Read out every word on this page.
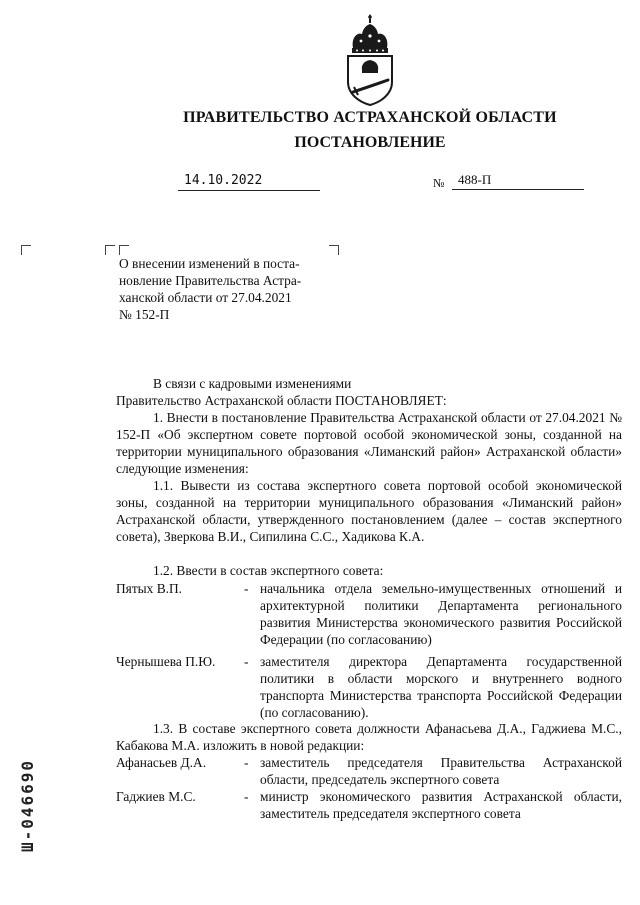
ПРАВИТЕЛЬСТВО АСТРАХАНСКОЙ ОБЛАСТИ
ПОСТАНОВЛЕНИЕ
14.10.2022	№	488-П
О внесении изменений в поста-
новление Правительства Астра-
ханской области от 27.04.2021
№ 152-П
В связи с кадровыми изменениями
Правительство Астраханской области ПОСТАНОВЛЯЕТ:
1. Внести в постановление Правительства Астраханской области от 27.04.2021 № 152-П «Об экспертном совете портовой особой экономической зоны, созданной на территории муниципального образования «Лиманский район» Астраханской области» следующие изменения:
1.1. Вывести из состава экспертного совета портовой особой экономической зоны, созданной на территории муниципального образования «Лиманский район» Астраханской области, утвержденного постановлением (далее – состав экспертного совета), Зверкова В.И., Сипилина С.С., Хадикова К.А.
1.2. Ввести в состав экспертного совета:
Пятых В.П.	- начальника отдела земельно-имущественных отношений и архитектурной политики Департамента регионального развития Министерства экономического развития Российской Федерации (по согласованию)
Чернышева П.Ю. - заместителя директора Департамента государственной политики в области морского и внутреннего водного транспорта Министерства транспорта Российской Федерации (по согласованию).
1.3. В составе экспертного совета должности Афанасьева Д.А., Гаджиева М.С., Кабакова М.А. изложить в новой редакции:
Афанасьев Д.А.	- заместитель председателя Правительства Астраханской области, председатель экспертного совета
Гаджиев М.С.	- министр экономического развития Астраханской области, заместитель председателя экспертного совета
Ш-046690
